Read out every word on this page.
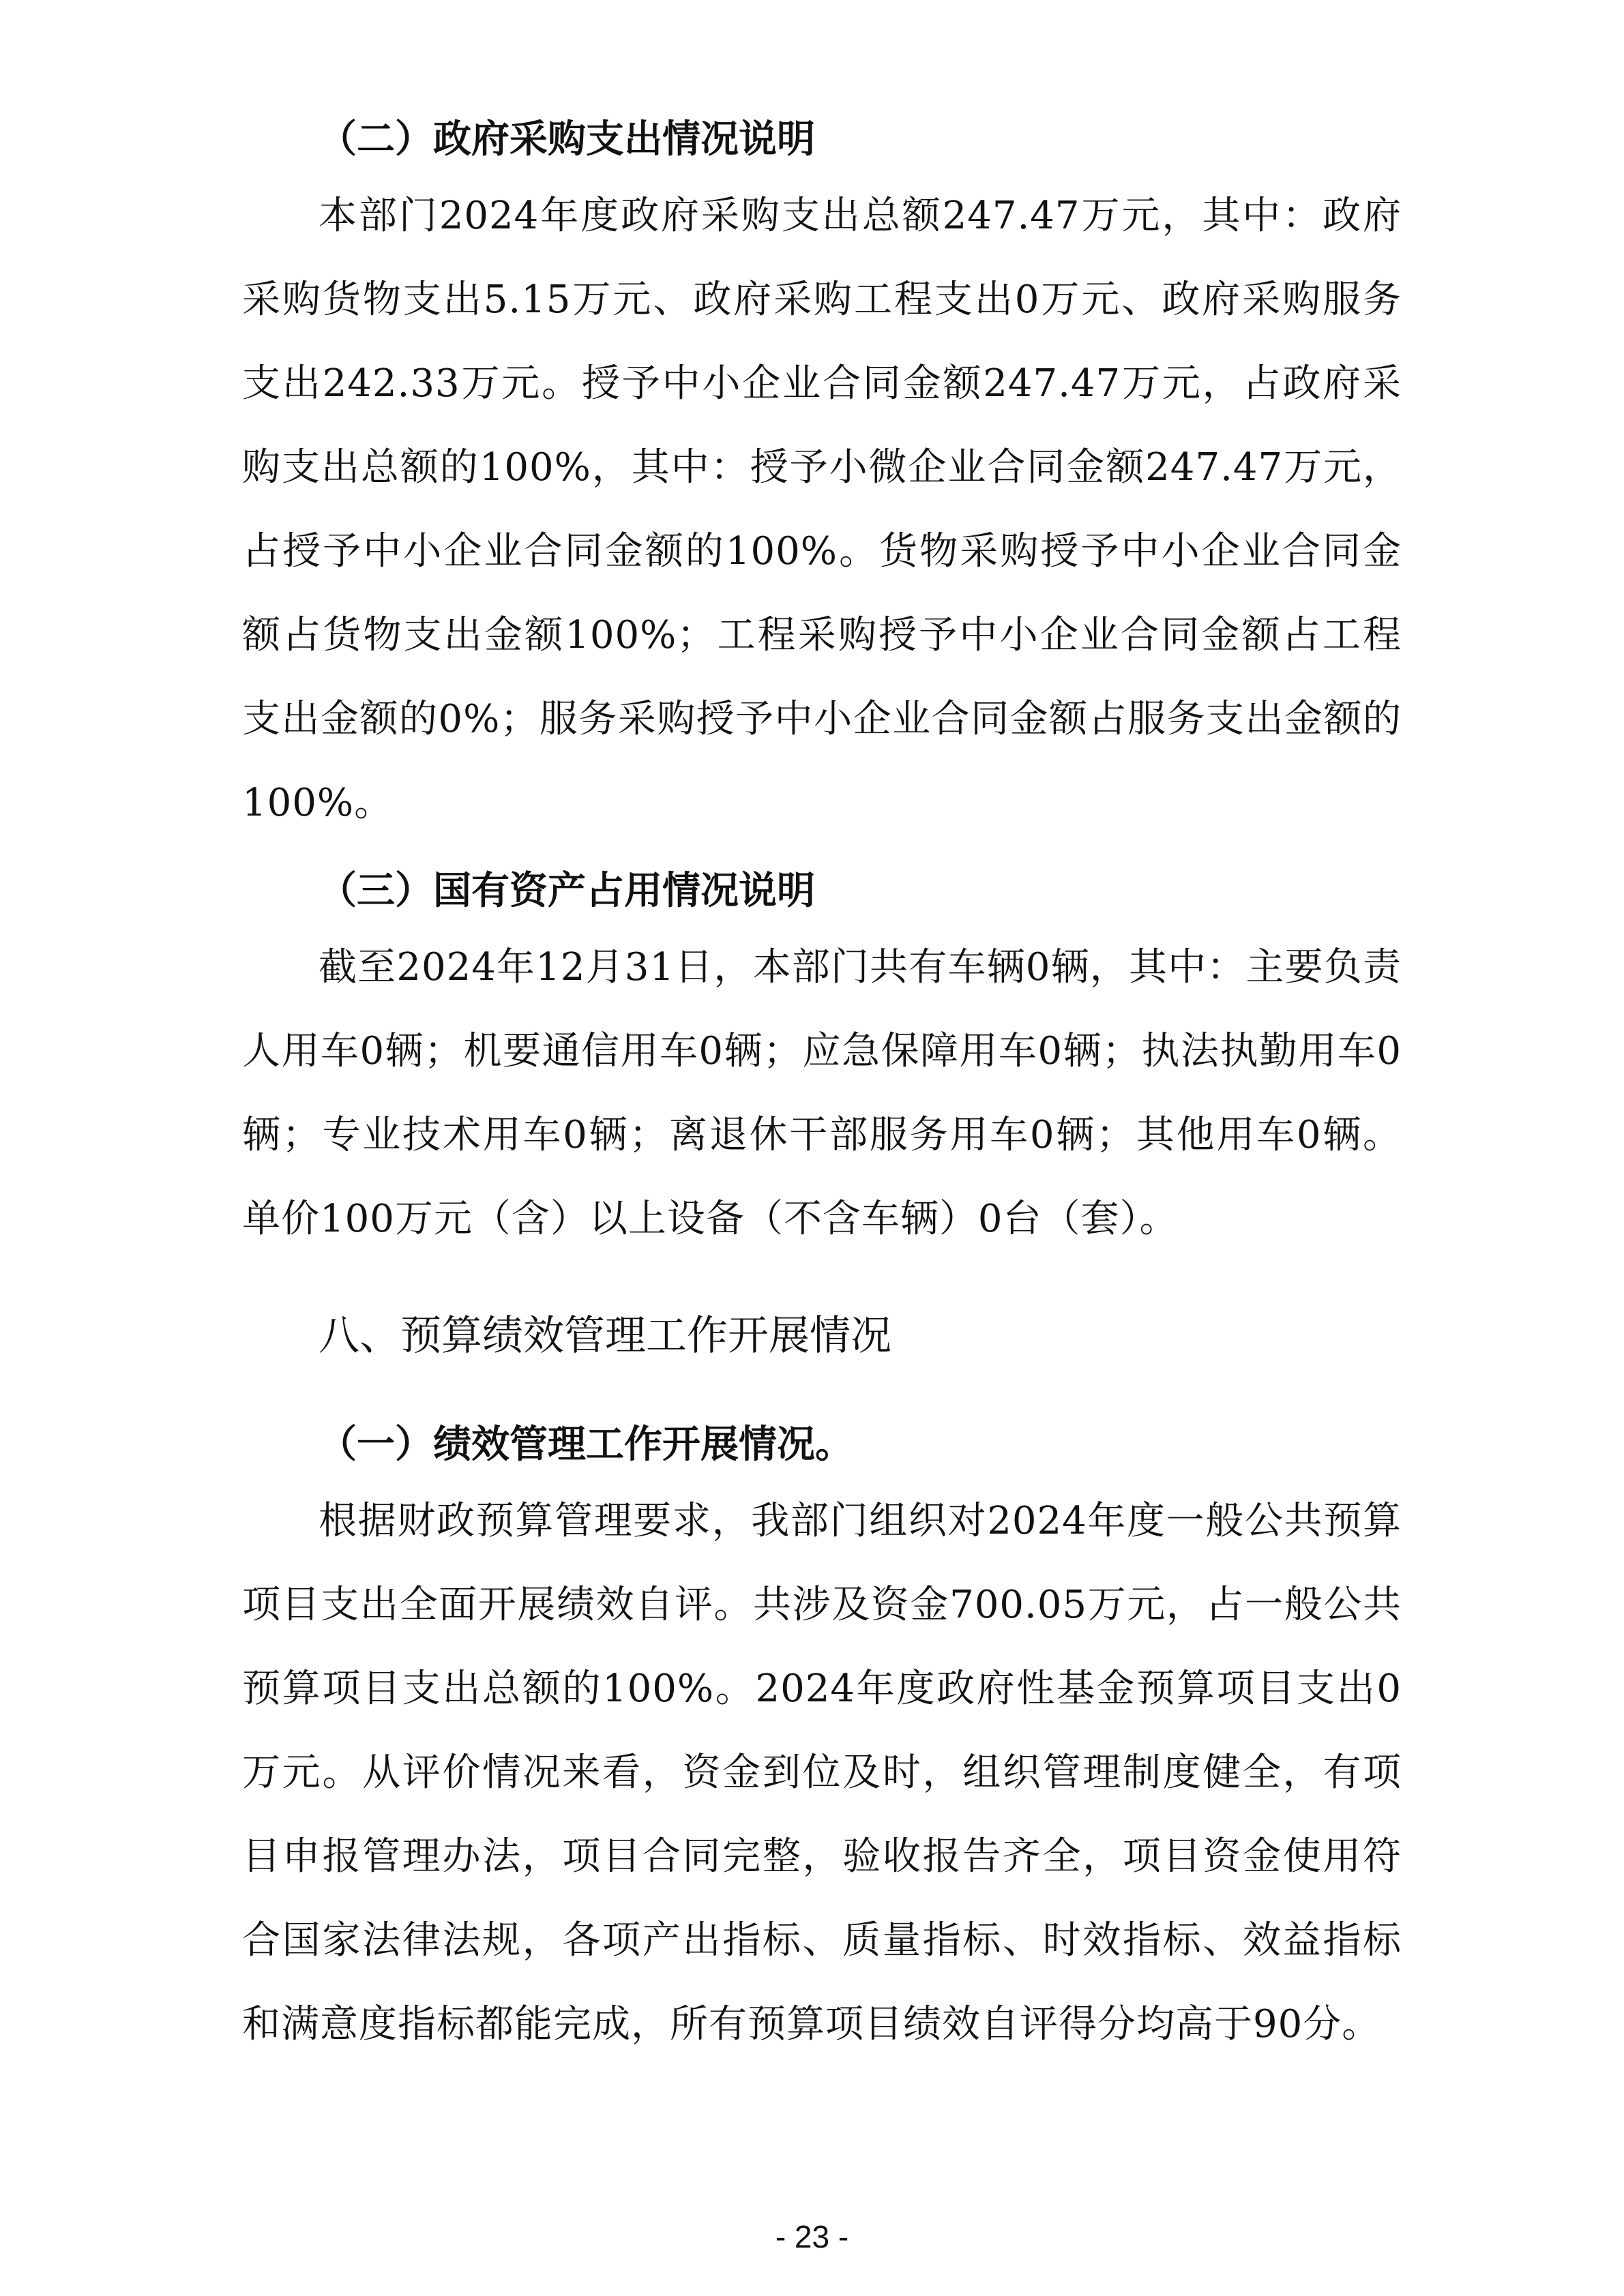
（二）政府采购支出情况说明

本部门2024年度政府采购支出总额247.47万元，其中：政府采购货物支出5.15万元、政府采购工程支出0万元、政府采购服务支出242.33万元。授予中小企业合同金额247.47万元，占政府采购支出总额的100%，其中：授予小微企业合同金额247.47万元，占授予中小企业合同金额的100%。货物采购授予中小企业合同金额占货物支出金额100%；工程采购授予中小企业合同金额占工程支出金额的0%；服务采购授予中小企业合同金额占服务支出金额的100%。

（三）国有资产占用情况说明

截至2024年12月31日，本部门共有车辆0辆，其中：主要负责人用车0辆；机要通信用车0辆；应急保障用车0辆；执法执勤用车0辆；专业技术用车0辆；离退休干部服务用车0辆；其他用车0辆。单价100万元（含）以上设备（不含车辆）0台（套）。

八、预算绩效管理工作开展情况
（一）绩效管理工作开展情况。

根据财政预算管理要求，我部门组织对2024年度一般公共预算项目支出全面开展绩效自评。共涉及资金700.05万元，占一般公共预算项目支出总额的100%。2024年度政府性基金预算项目支出0万元。从评价情况来看，资金到位及时，组织管理制度健全，有项目申报管理办法，项目合同完整，验收报告齐全，项目资金使用符合国家法律法规，各项产出指标、质量指标、时效指标、效益指标和满意度指标都能完成，所有预算项目绩效自评得分均高于90分。

- 23 -
